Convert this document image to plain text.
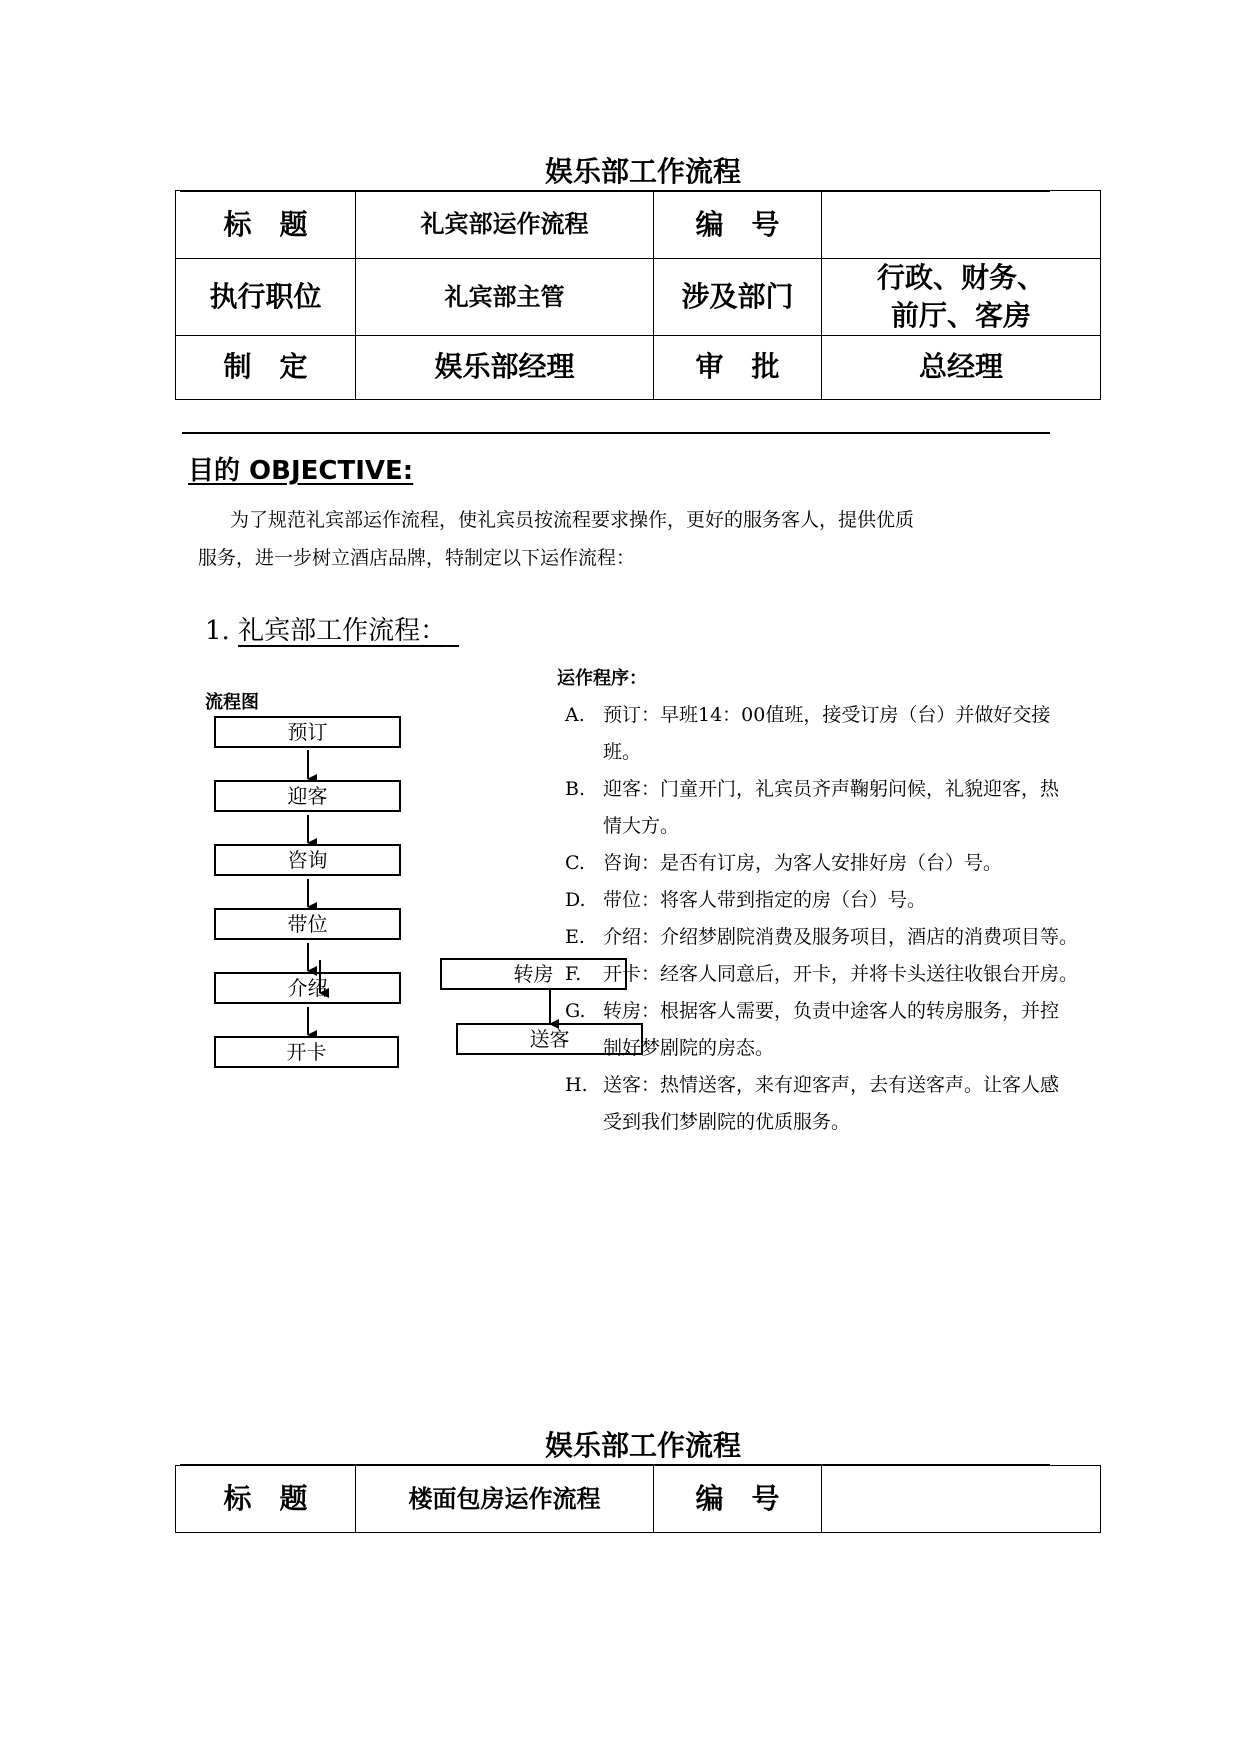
娱乐部工作流程
标　题	礼宾部运作流程	编　号	
执行职位	礼宾部主管	涉及部门	行政、财务、
前厅、客房

制　定	娱乐部经理	审　批	总经理
目的 OBJECTIVE:
为了规范礼宾部运作流程，使礼宾员按流程要求操作，更好的服务客人，提供优质
服务，进一步树立酒店品牌，特制定以下运作流程：
1. 礼宾部工作流程： 
流程图
预订
迎客
咨询
带位
介绍
开卡
运作程序：
A. 预订：早班14：00值班，接受订房（台）并做好交接
班。
B. 迎客：门童开门，礼宾员齐声鞠躬问候，礼貌迎客，热
情大方。
C. 咨询：是否有订房，为客人安排好房（台）号。
D. 带位：将客人带到指定的房（台）号。
E. 介绍：介绍梦剧院消费及服务项目，酒店的消费项目等。
F.	开卡：经客人同意后，开卡，并将卡头送往收银台开房。
G. 转房：根据客人需要，负责中途客人的转房服务，并控
制好梦剧院的房态。
H. 送客：热情送客，来有迎客声，去有送客声。让客人感
受到我们梦剧院的优质服务。
转房
送客
娱乐部工作流程
标　题	楼面包房运作流程	编　号	
